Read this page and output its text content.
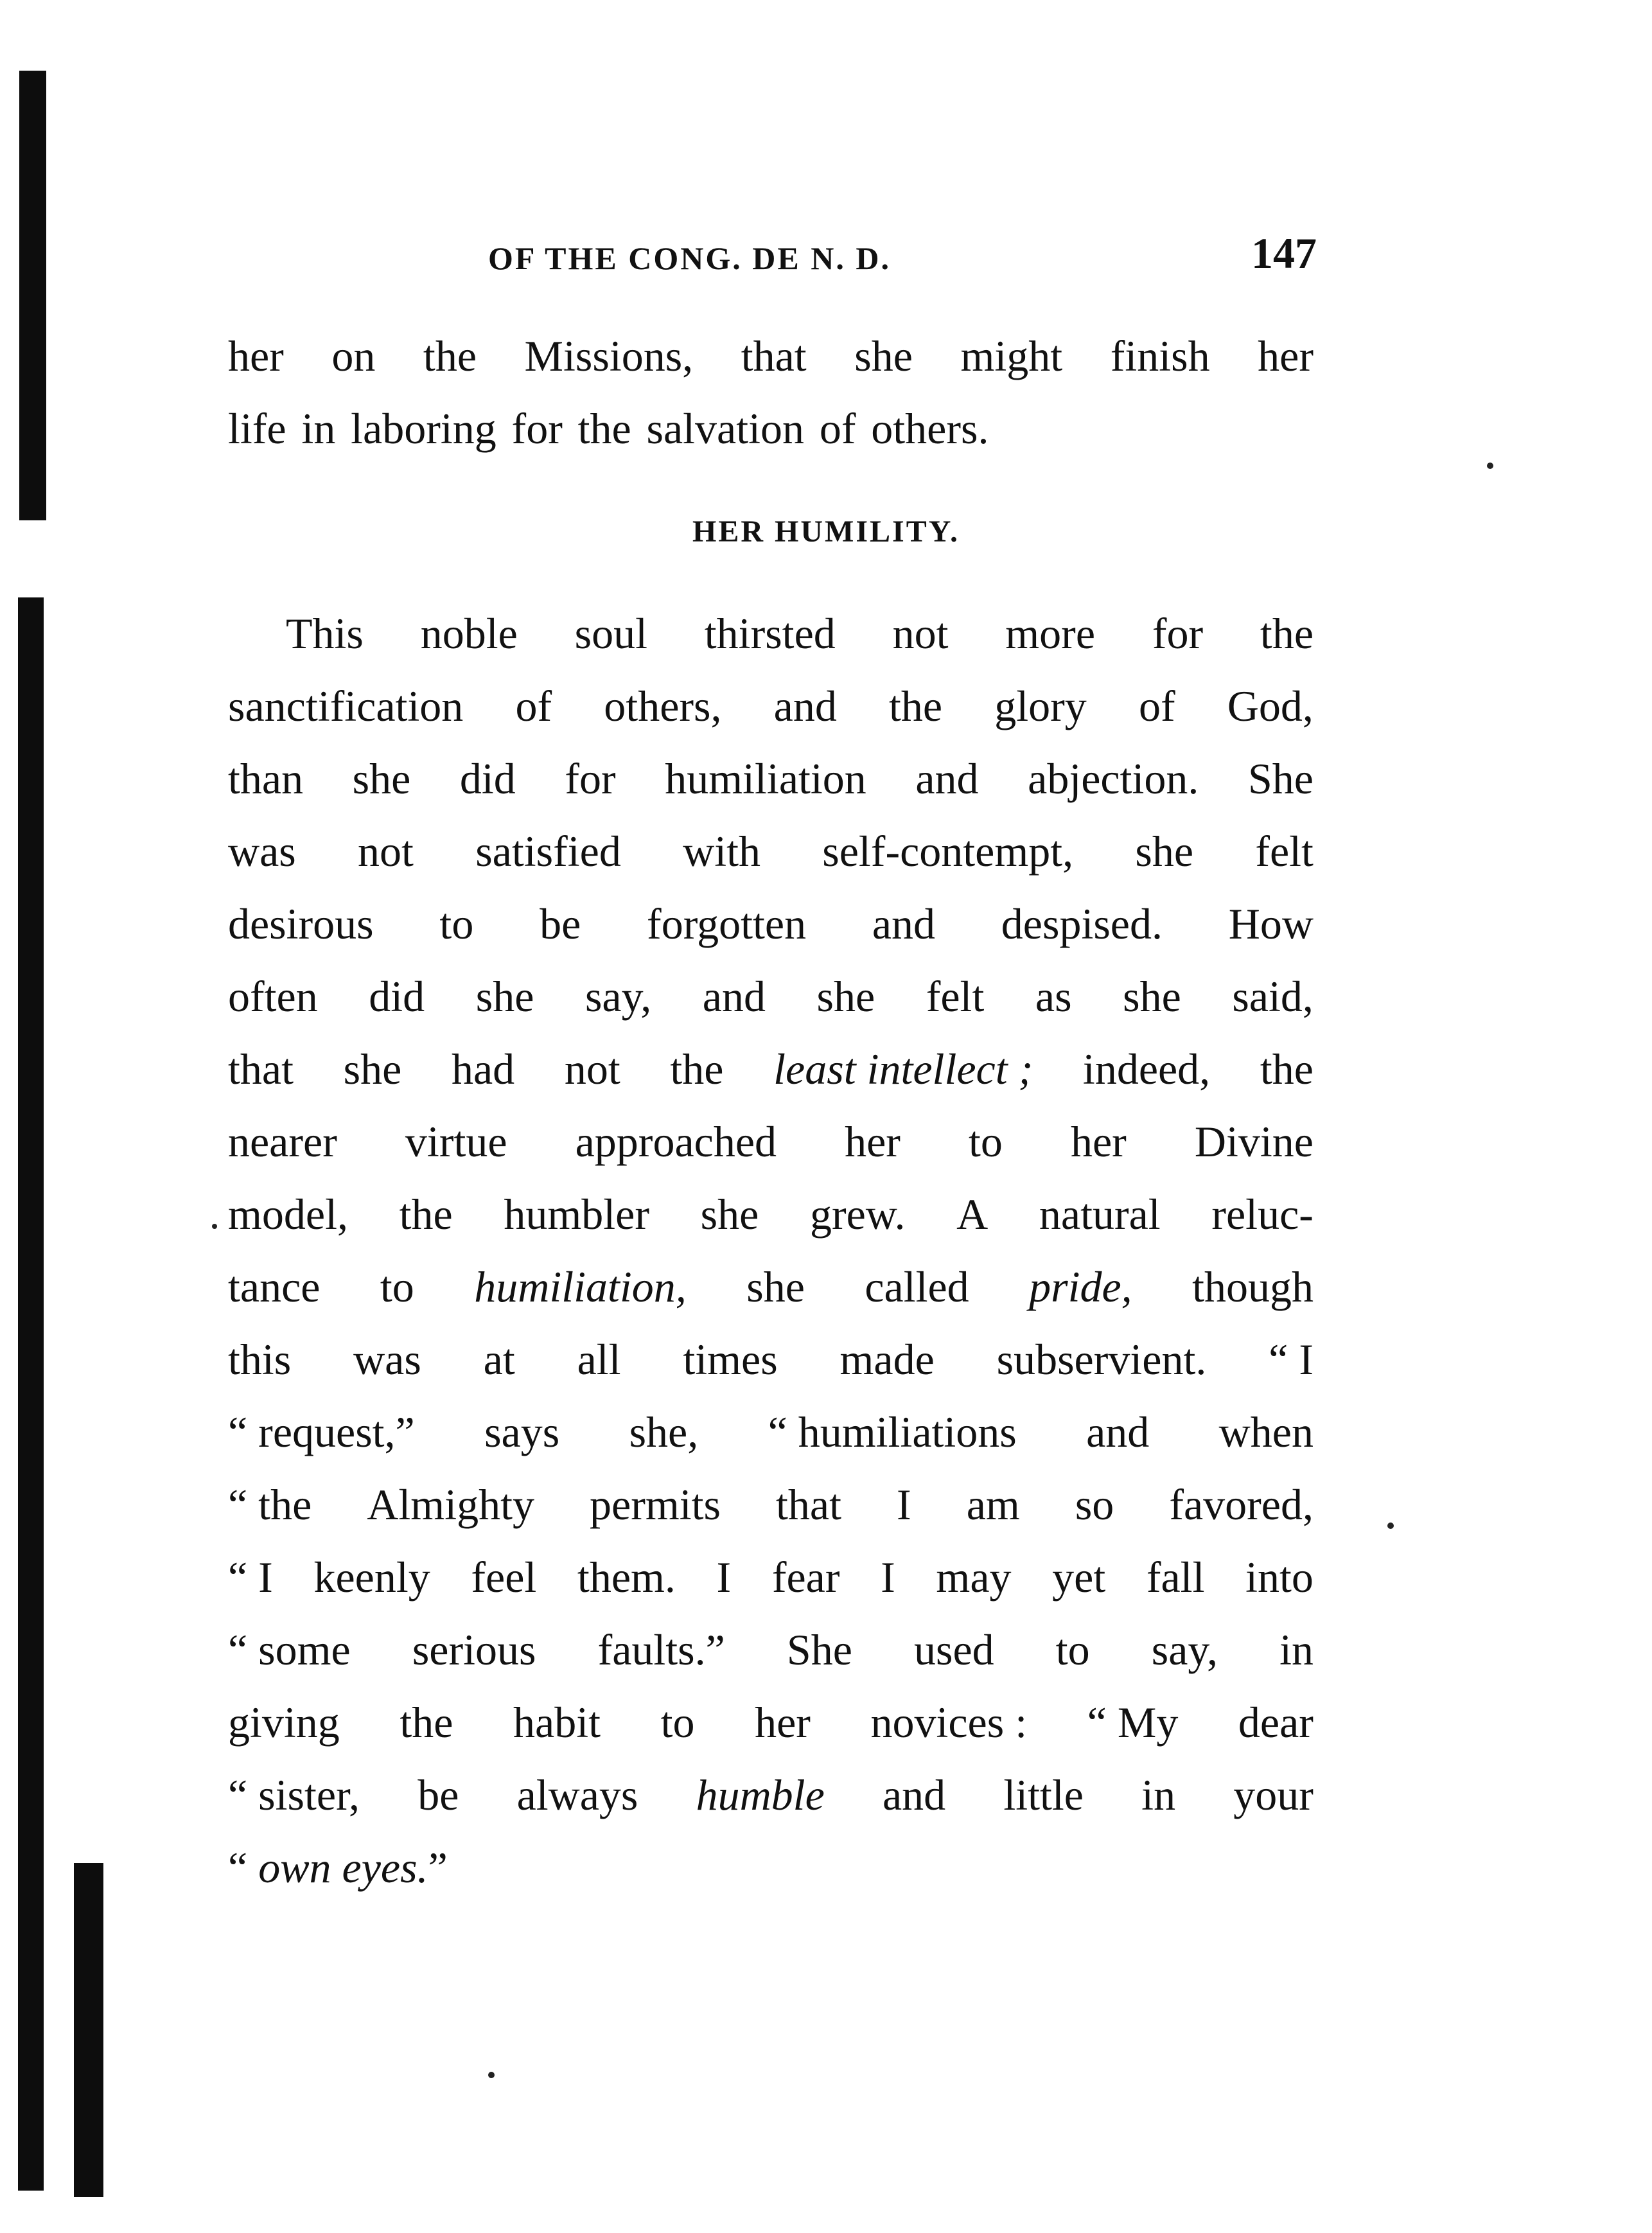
OF THE CONG. DE N. D.	147
her on the Missions, that she might finish her
life in laboring for the salvation of others.
HER HUMILITY.
This noble soul thirsted not more for the
sanctification of others, and the glory of God,
than she did for humiliation and abjection. She
was not satisfied with self-contempt, she felt
desirous to be forgotten and despised. How
often did she say, and she felt as she said,
that she had not the least intellect ; indeed, the
nearer virtue approached her to her Divine
model, the humbler she grew. A natural reluc-
tance to humiliation, she called pride, though
this was at all times made subservient. “ I
“ request,” says she, “ humiliations and when
“ the Almighty permits that I am so favored,
“ I keenly feel them. I fear I may yet fall into
“ some serious faults.” She used to say, in
giving the habit to her novices : “ My dear
“ sister, be always humble and little in your
“ own eyes.”
